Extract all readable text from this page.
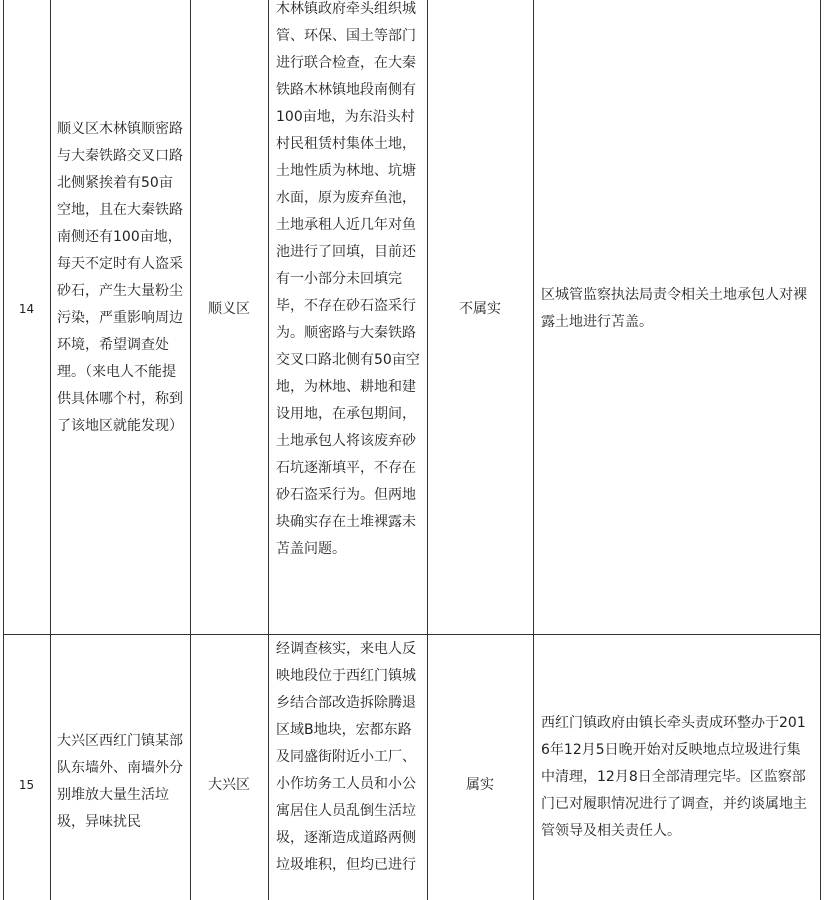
14
顺义区木林镇顺密路与大秦铁路交叉口路北侧紧挨着有50亩空地，且在大秦铁路南侧还有100亩地，每天不定时有人盗采砂石，产生大量粉尘污染，严重影响周边环境，希望调查处理。（来电人不能提供具体哪个村，称到了该地区就能发现）
顺义区
木林镇政府牵头组织城管、环保、国土等部门进行联合检查，在大秦铁路木林镇地段南侧有100亩地，为东沿头村村民租赁村集体土地，土地性质为林地、坑塘水面，原为废弃鱼池，土地承租人近几年对鱼池进行了回填，目前还有一小部分未回填完毕，不存在砂石盗采行为。顺密路与大秦铁路交叉口路北侧有50亩空地，为林地、耕地和建设用地，在承包期间，土地承包人将该废弃砂石坑逐渐填平，不存在砂石盗采行为。但两地块确实存在土堆裸露未苫盖问题。
不属实
区城管监察执法局责令相关土地承包人对裸露土地进行苫盖。
15
大兴区西红门镇某部队东墙外、南墙外分别堆放大量生活垃圾，异味扰民
大兴区
经调查核实，来电人反映地段位于西红门镇城乡结合部改造拆除腾退区域B地块，宏都东路及同盛街附近小工厂、小作坊务工人员和小公寓居住人员乱倒生活垃圾，逐渐造成道路两侧垃圾堆积，但均已进行
属实
西红门镇政府由镇长牵头责成环整办于2016年12月5日晚开始对反映地点垃圾进行集中清理，12月8日全部清理完毕。区监察部门已对履职情况进行了调查，并约谈属地主管领导及相关责任人。
